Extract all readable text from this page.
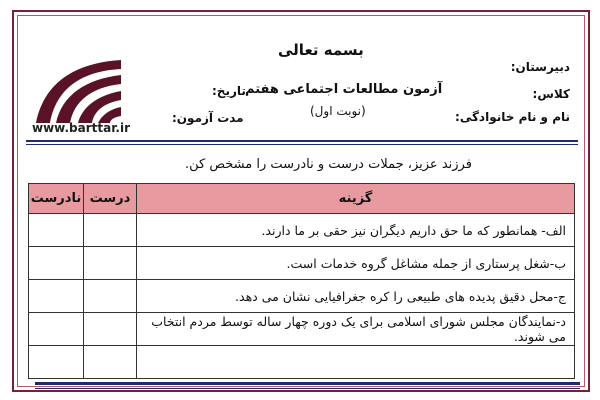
www.barttar.ir
بسمه تعالی
دبیرستان:
کلاس:
آزمون مطالعات اجتماعی هفتم
تاریخ:
نام و نام خانوادگی:
(نوبت اول)
مدت آزمون:
فرزند عزیز، جملات درست و نادرست را مشخص کن.
گزینه	درست	نادرست
الف- همانطور که ما حق داریم دیگران نیز حقی بر ما دارند.		
ب-شغل پرستاری از جمله مشاغل گروه خدمات است.		
ج-محل دقیق پدیده های طبیعی را کره جغرافیایی نشان می دهد.		
د-نمایندگان مجلس شورای اسلامی برای یک دوره چهار ساله توسط مردم انتخاب می شوند.		
